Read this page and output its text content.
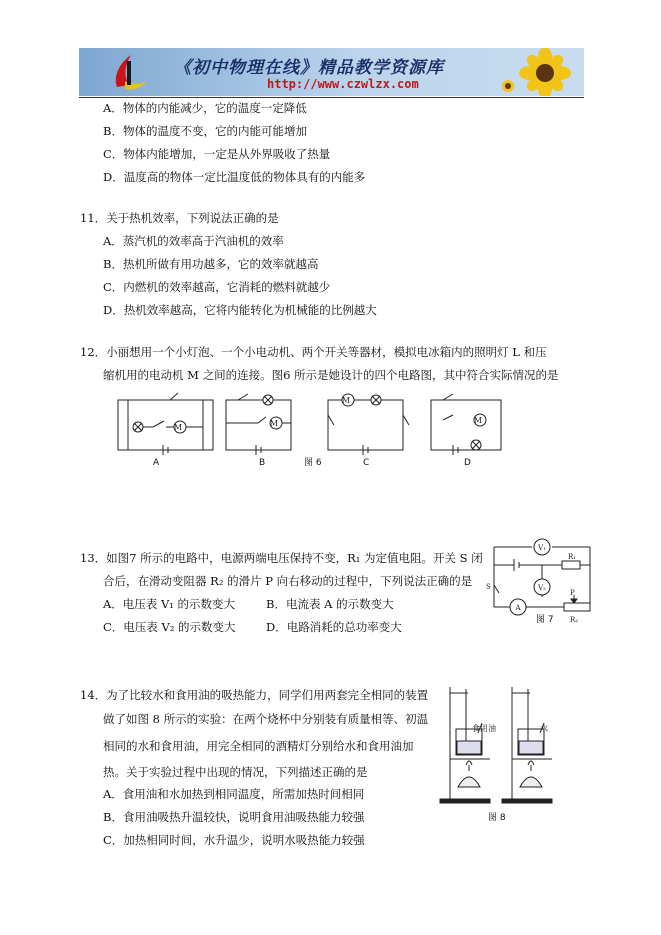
《初中物理在线》精品教学资源库
http://www.czwlzx.com
A．物体的内能减少，它的温度一定降低
B．物体的温度不变，它的内能可能增加
C．物体内能增加，一定是从外界吸收了热量
D．温度高的物体一定比温度低的物体具有的内能多
11．关于热机效率，下列说法正确的是
A．蒸汽机的效率高于汽油机的效率
B．热机所做有用功越多，它的效率就越高
C．内燃机的效率越高，它消耗的燃料就越少
D．热机效率越高，它将内能转化为机械能的比例越大
12．小丽想用一个小灯泡、一个小电动机、两个开关等器材，模拟电冰箱内的照明灯 L 和压
缩机用的电动机 M 之间的连接。图6 所示是她设计的四个电路图，其中符合实际情况的是
M	M
M
M
A	B	图 6	C	D
13．如图7 所示的电路中，电源两端电压保持不变，R₁ 为定值电阻。开关 S 闭
合后，在滑动变阻器 R₂ 的滑片 P 向右移动的过程中，下列说法正确的是
A．电压表 V₁ 的示数变大	B．电流表 A 的示数变大
C．电压表 V₂ 的示数变大	D．电路消耗的总功率变大
V₁
V₂
A
R₁
R₂
P
S
图 7
14．为了比较水和食用油的吸热能力，同学们用两套完全相同的装置
做了如图 8 所示的实验：在两个烧杯中分别装有质量相等、初温
相同的水和食用油，用完全相同的酒精灯分别给水和食用油加
热。关于实验过程中出现的情况，下列描述正确的是
A．食用油和水加热到相同温度，所需加热时间相同
B．食用油吸热升温较快，说明食用油吸热能力较强
C．加热相同时间，水升温少，说明水吸热能力较强
食用油	水
图 8
